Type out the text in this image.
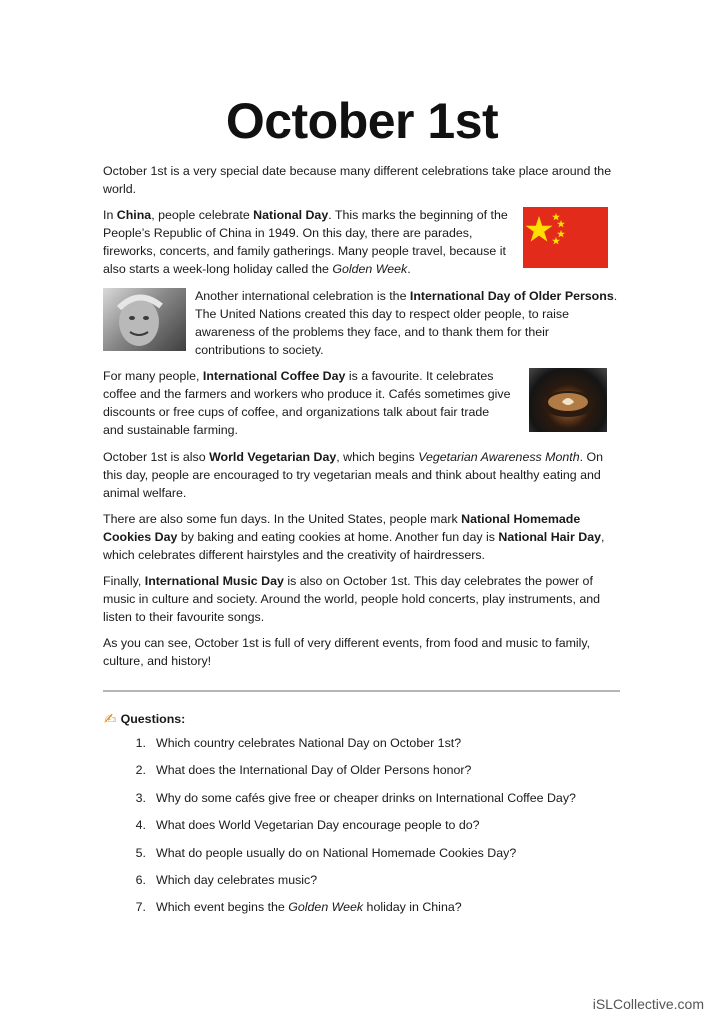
October 1st

October 1st is a very special date because many different celebrations take place around the world.

In China, people celebrate National Day. This marks the beginning of the People’s Republic of China in 1949. On this day, there are parades, fireworks, concerts, and family gatherings. Many people travel, because it also starts a week-long holiday called the Golden Week.

Another international celebration is the International Day of Older Persons. The United Nations created this day to respect older people, to raise awareness of the problems they face, and to thank them for their contributions to society.

For many people, International Coffee Day is a favourite. It celebrates coffee and the farmers and workers who produce it. Cafés sometimes give discounts or free cups of coffee, and organizations talk about fair trade and sustainable farming.

October 1st is also World Vegetarian Day, which begins Vegetarian Awareness Month. On this day, people are encouraged to try vegetarian meals and think about healthy eating and animal welfare.

There are also some fun days. In the United States, people mark National Homemade Cookies Day by baking and eating cookies at home. Another fun day is National Hair Day, which celebrates different hairstyles and the creativity of hairdressers.

Finally, International Music Day is also on October 1st. This day celebrates the power of music in culture and society. Around the world, people hold concerts, play instruments, and listen to their favourite songs.

As you can see, October 1st is full of very different events, from food and music to family, culture, and history!

✍ Questions:
1. Which country celebrates National Day on October 1st?
2. What does the International Day of Older Persons honor?
3. Why do some cafés give free or cheaper drinks on International Coffee Day?
4. What does World Vegetarian Day encourage people to do?
5. What do people usually do on National Homemade Cookies Day?
6. Which day celebrates music?
7. Which event begins the Golden Week holiday in China?
iSLCollective.com
